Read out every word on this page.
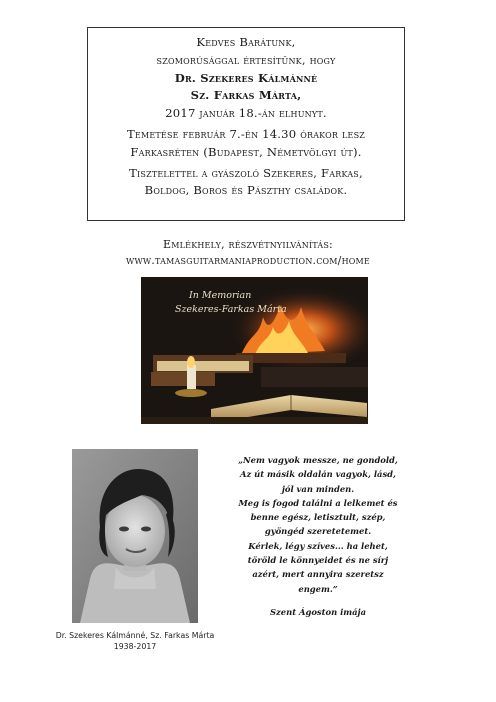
Kedves Barátunk,
szomorúsággal értesítünk, hogy
Dr. Szekeres Kálmánné
Sz. Farkas Márta,
2017 január 18.-án elhunyt.
Temetése február 7.-én 14.30 órakor lesz
Farkasréten (Budapest, Németvölgyi út).
Tisztelettel a gyászoló Szekeres, Farkas,
Boldog, Boros és Pászthy családok.
Emlékhely, részvétnyilvánítás:
www.tamasguitarmaniaproduction.com/home
In Memorian
Szekeres-Farkas Márta
Dr. Szekeres Kálmánné, Sz. Farkas Márta
1938-2017
„Nem vagyok messze, ne gondold,
Az út másik oldalán vagyok, lásd,
jól van minden.
Meg is fogod találni a lelkemet és
benne egész, letisztult, szép,
gyöngéd szeretetemet.
Kérlek, légy szíves... ha lehet,
töröld le könnyeidet és ne sírj
azért, mert annyira szeretsz
engem.”
Szent Ágoston imája
